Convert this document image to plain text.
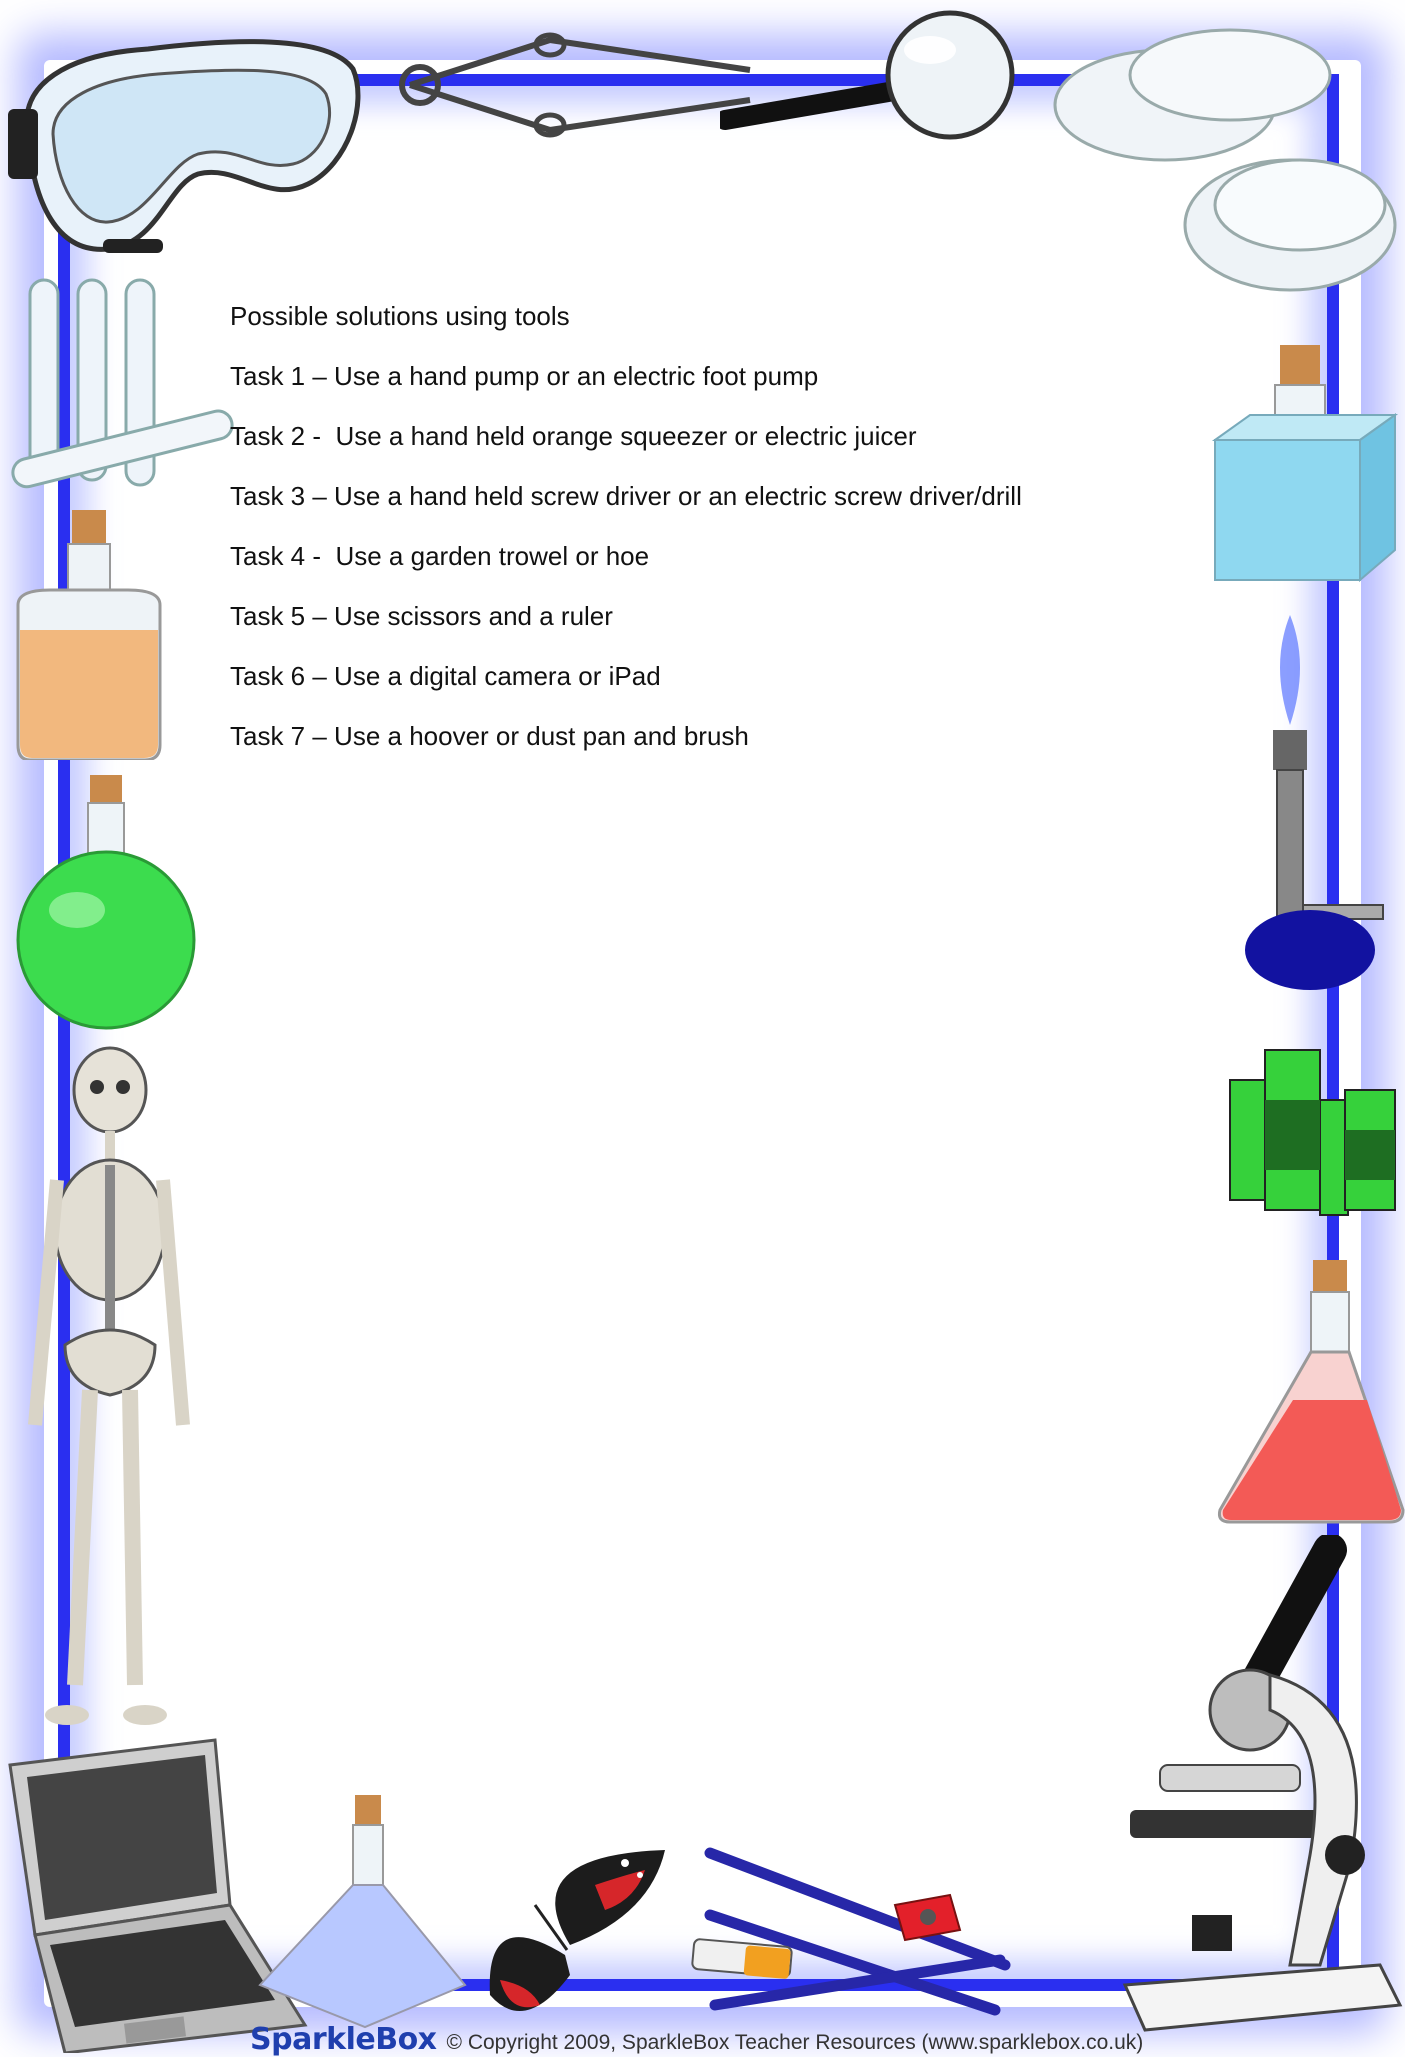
Possible solutions using tools
Task 1 – Use a hand pump or an electric foot pump
Task 2 -  Use a hand held orange squeezer or electric juicer
Task 3 – Use a hand held screw driver or an electric screw driver/drill
Task 4 -  Use a garden trowel or hoe
Task 5 – Use scissors and a ruler
Task 6 – Use a digital camera or iPad
Task 7 – Use a hoover or dust pan and brush
SparkleBox © Copyright 2009, SparkleBox Teacher Resources (www.sparklebox.co.uk)
